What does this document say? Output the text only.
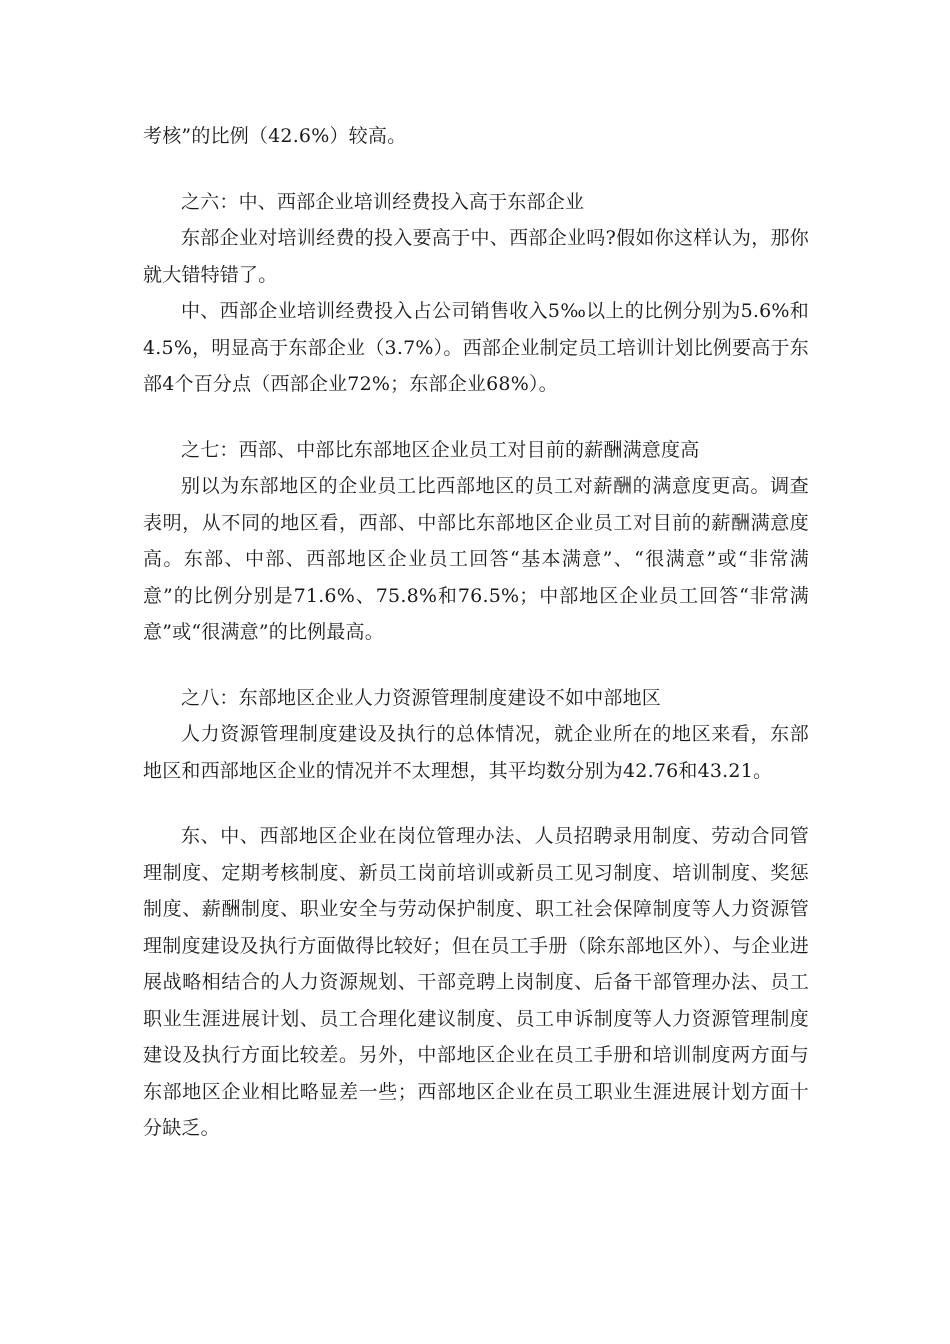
考核”的比例（42.6%）较高。

之六：中、西部企业培训经费投入高于东部企业

东部企业对培训经费的投入要高于中、西部企业吗?假如你这样认为，那你就大错特错了。

中、西部企业培训经费投入占公司销售收入5‰以上的比例分别为5.6%和4.5%，明显高于东部企业（3.7%）。西部企业制定员工培训计划比例要高于东部4个百分点（西部企业72%；东部企业68%）。

之七：西部、中部比东部地区企业员工对目前的薪酬满意度高

别以为东部地区的企业员工比西部地区的员工对薪酬的满意度更高。调查表明，从不同的地区看，西部、中部比东部地区企业员工对目前的薪酬满意度高。东部、中部、西部地区企业员工回答“基本满意”、“很满意”或“非常满意”的比例分别是71.6%、75.8%和76.5%；中部地区企业员工回答“非常满意”或“很满意”的比例最高。

之八：东部地区企业人力资源管理制度建设不如中部地区

人力资源管理制度建设及执行的总体情况，就企业所在的地区来看，东部地区和西部地区企业的情况并不太理想，其平均数分别为42.76和43.21。

东、中、西部地区企业在岗位管理办法、人员招聘录用制度、劳动合同管理制度、定期考核制度、新员工岗前培训或新员工见习制度、培训制度、奖惩制度、薪酬制度、职业安全与劳动保护制度、职工社会保障制度等人力资源管理制度建设及执行方面做得比较好；但在员工手册（除东部地区外）、与企业进展战略相结合的人力资源规划、干部竞聘上岗制度、后备干部管理办法、员工职业生涯进展计划、员工合理化建议制度、员工申诉制度等人力资源管理制度建设及执行方面比较差。另外，中部地区企业在员工手册和培训制度两方面与东部地区企业相比略显差一些；西部地区企业在员工职业生涯进展计划方面十分缺乏。
